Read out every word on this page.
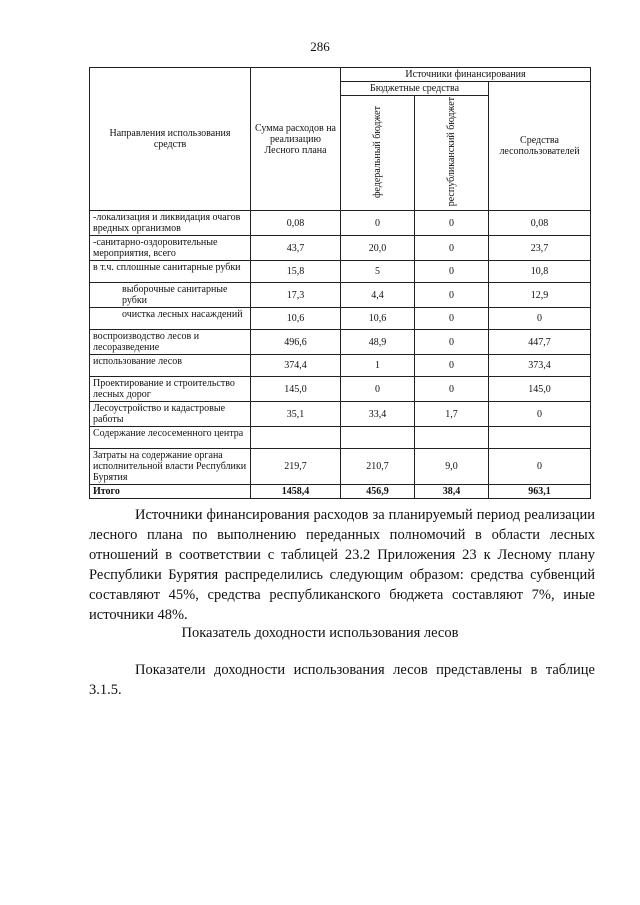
286
Направления использования средств	Сумма расходов на реализацию Лесного плана	Источники финансирования		
		Бюджетные средства		Средства лесопользователей
		федеральный бюджет	республиканский бюджет	
-локализация и ликвидация очагов вредных организмов	0,08	0	0	0,08
-санитарно-оздоровительные мероприятия, всего	43,7	20,0	0	23,7
в т.ч. сплошные санитарные рубки	15,8	5	0	10,8
выборочные санитарные рубки	17,3	4,4	0	12,9
очистка лесных насаждений	10,6	10,6	0	0
воспроизводство лесов и лесоразведение	496,6	48,9	0	447,7
использование лесов	374,4	1	0	373,4
Проектирование и строительство лесных дорог	145,0	0	0	145,0
Лесоустройство и кадастровые работы	35,1	33,4	1,7	0
Содержание лесосеменного центра				
Затраты на содержание органа исполнительной власти Республики Бурятия	219,7	210,7	9,0	0
Итого	1458,4	456,9	38,4	963,1
Источники финансирования расходов за планируемый период реализации лесного плана по выполнению переданных полномочий в области лесных отношений в соответствии с таблицей 23.2 Приложения 23 к Лесному плану Республики Бурятия распределились следующим образом: средства субвенций составляют 45%, средства республиканского бюджета составляют 7%, иные источники 48%.
Показатель доходности использования лесов
Показатели доходности использования лесов представлены в таблице 3.1.5.
